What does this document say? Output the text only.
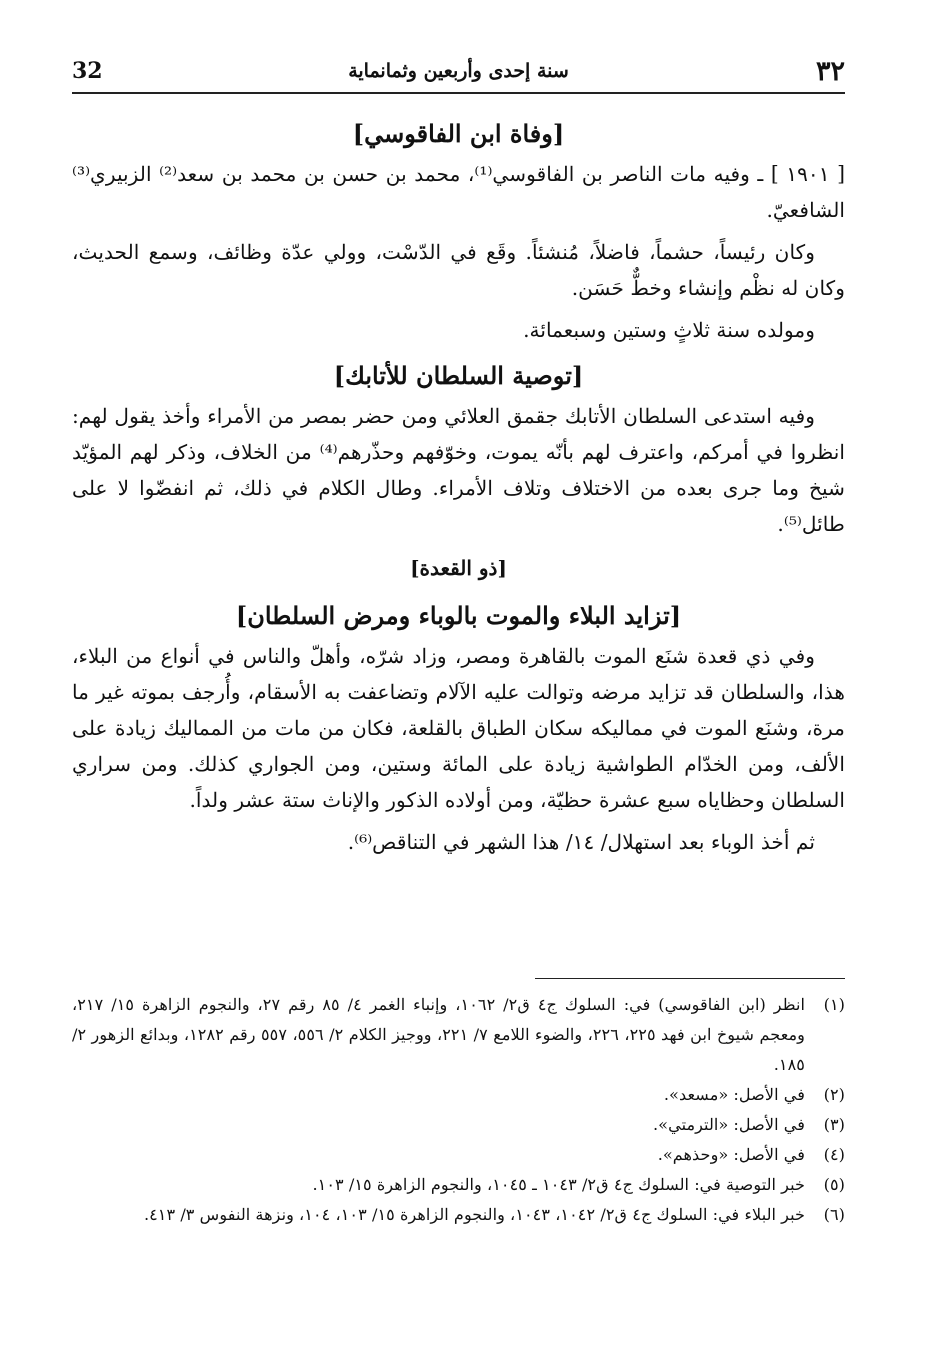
٣٢
سنة إحدى وأربعين وثمانماية
32
[وفاة ابن الفاقوسي]

[ ١٩٠١ ] ـ وفيه مات الناصر بن الفاقوسي⁽¹⁾، محمد بن حسن بن محمد بن سعد⁽²⁾ الزبيري⁽³⁾ الشافعيّ.

وكان رئيساً، حشماً، فاضلاً، مُنشئاً. وقَع في الدّسْت، وولي عدّة وظائف، وسمع الحديث، وكان له نظْم وإنشاء وخطٌّ حَسَن.

ومولده سنة ثلاثٍ وستين وسبعمائة.

[توصية السلطان للأتابك]

وفيه استدعى السلطان الأتابك جقمق العلائي ومن حضر بمصر من الأمراء وأخذ يقول لهم: انظروا في أمركم، واعترف لهم بأنّه يموت، وخوّفهم وحذّرهم⁽⁴⁾ من الخلاف، وذكر لهم المؤيّد شيخ وما جرى بعده من الاختلاف وتلاف الأمراء. وطال الكلام في ذلك، ثم انفضّوا لا على طائل⁽⁵⁾.

[ذو القعدة]
[تزايد البلاء والموت بالوباء ومرض السلطان]

وفي ذي قعدة شنَع الموت بالقاهرة ومصر، وزاد شرّه، وأهلّ والناس في أنواع من البلاء، هذا، والسلطان قد تزايد مرضه وتوالت عليه الآلام وتضاعفت به الأسقام، وأُرجف بموته غير ما مرة، وشنَع الموت في مماليكه سكان الطباق بالقلعة، فكان من مات من المماليك زيادة على الألف، ومن الخدّام الطواشية زيادة على المائة وستين، ومن الجواري كذلك. ومن سراري السلطان وحظاياه سبع عشرة حظيّة، ومن أولاده الذكور والإناث ستة عشر ولداً.

ثم أخذ الوباء بعد استهلال/ ١٤/ هذا الشهر في التناقص⁽⁶⁾.

(١)
انظر (ابن الفاقوسي) في: السلوك ج٤ ق٢/ ١٠٦٢، وإنباء الغمر ٤/ ٨٥ رقم ٢٧، والنجوم الزاهرة ١٥/ ٢١٧، ومعجم شيوخ ابن فهد ٢٢٥، ٢٢٦، والضوء اللامع ٧/ ٢٢١، ووجيز الكلام ٢/ ٥٥٦، ٥٥٧ رقم ١٢٨٢، وبدائع الزهور ٢/ ١٨٥.

(٢)
في الأصل: «مسعد».

(٣)
في الأصل: «الترمتي».

(٤)
في الأصل: «وحذهم».

(٥)
خبر التوصية في: السلوك ج٤ ق٢/ ١٠٤٣ ـ ١٠٤٥، والنجوم الزاهرة ١٥/ ١٠٣.

(٦)
خبر البلاء في: السلوك ج٤ ق٢/ ١٠٤٢، ١٠٤٣، والنجوم الزاهرة ١٥/ ١٠٣، ١٠٤، ونزهة النفوس ٣/ ٤١٣.
